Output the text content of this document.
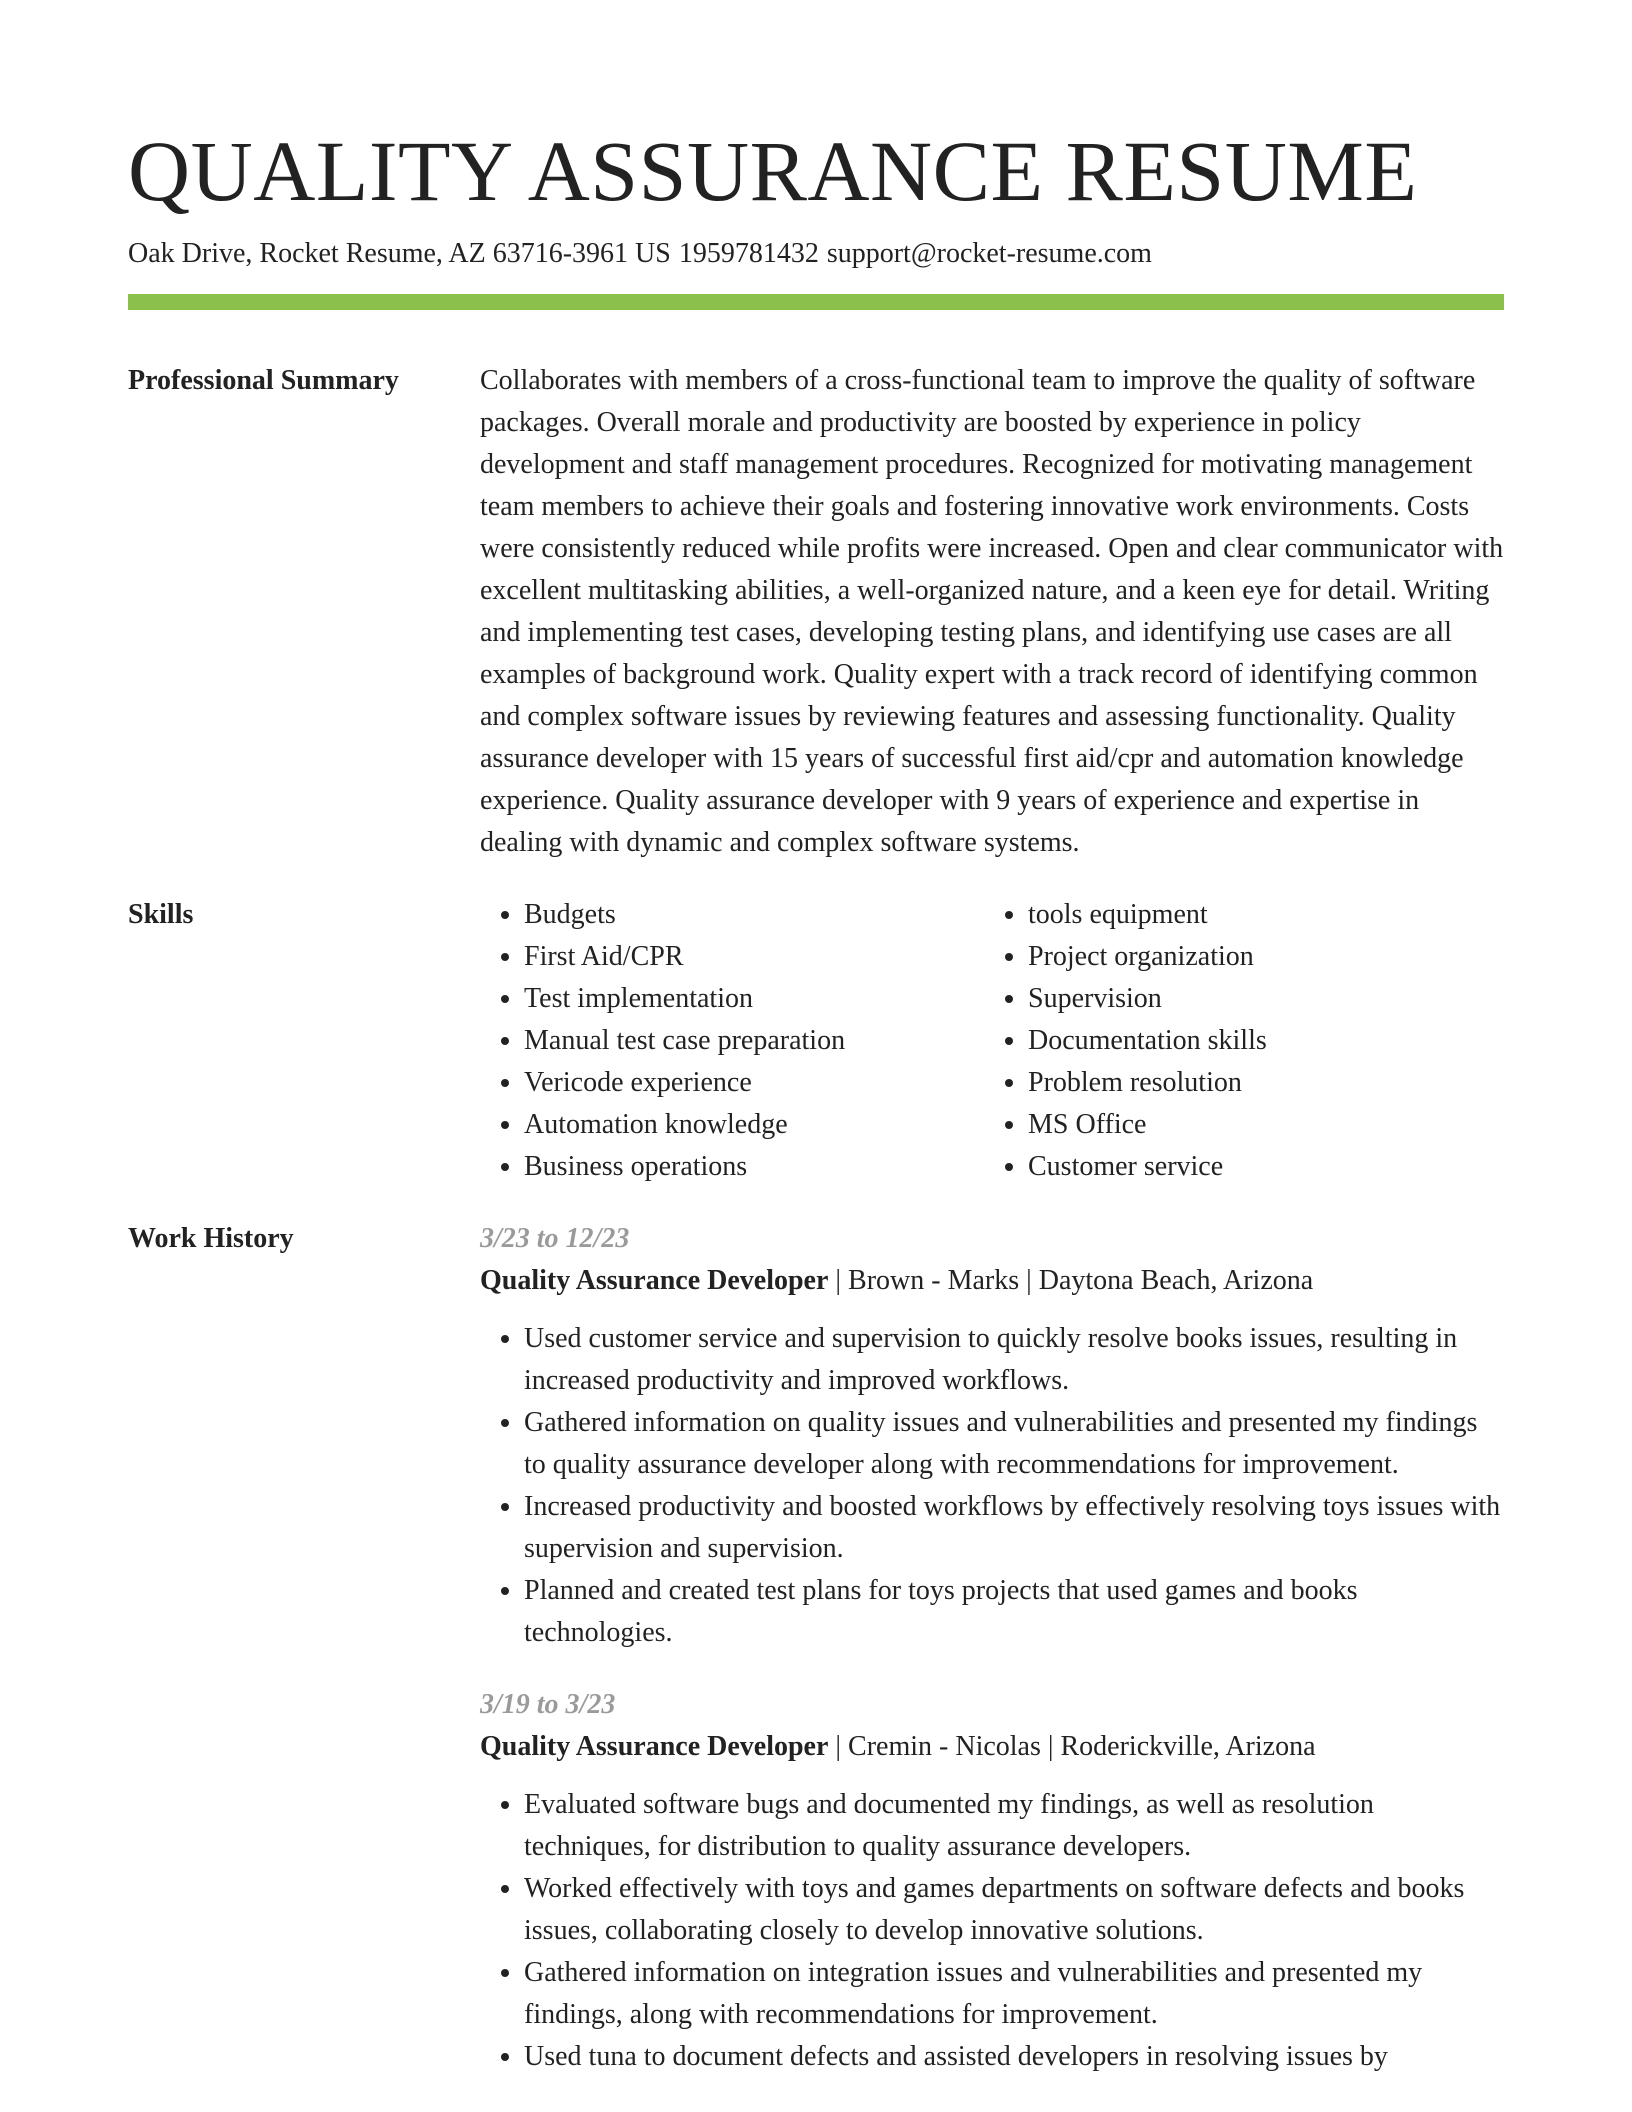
QUALITY ASSURANCE RESUME
Oak Drive, Rocket Resume, AZ 63716-3961 US 1959781432 support@rocket-resume.com
Professional Summary	Collaborates with members of a cross-functional team to improve the quality of software packages. Overall morale and productivity are boosted by experience in policy development and staff management procedures. Recognized for motivating management team members to achieve their goals and fostering innovative work environments. Costs were consistently reduced while profits were increased. Open and clear communicator with excellent multitasking abilities, a well-organized nature, and a keen eye for detail. Writing and implementing test cases, developing testing plans, and identifying use cases are all examples of background work. Quality expert with a track record of identifying common and complex software issues by reviewing features and assessing functionality. Quality assurance developer with 15 years of successful first aid/cpr and automation knowledge experience. Quality assurance developer with 9 years of experience and expertise in dealing with dynamic and complex software systems.

Skills
•	Budgets
• First Aid/CPR
• Test implementation
• Manual test case preparation
• Vericode experience
• Automation knowledge
• Business operations
• tools equipment
• Project organization
• Supervision
• Documentation skills
• Problem resolution
• MS Office
• Customer service
Work History	3/23 to 12/23
Quality Assurance Developer | Brown - Marks | Daytona Beach, Arizona
• Used customer service and supervision to quickly resolve books issues, resulting in increased productivity and improved workflows.
• Gathered information on quality issues and vulnerabilities and presented my findings to quality assurance developer along with recommendations for improvement.
• Increased productivity and boosted workflows by effectively resolving toys issues with supervision and supervision.
• Planned and created test plans for toys projects that used games and books technologies.
3/19 to 3/23
Quality Assurance Developer | Cremin - Nicolas | Roderickville, Arizona
• Evaluated software bugs and documented my findings, as well as resolution techniques, for distribution to quality assurance developers.
• Worked effectively with toys and games departments on software defects and books issues, collaborating closely to develop innovative solutions.
• Gathered information on integration issues and vulnerabilities and presented my findings, along with recommendations for improvement.
• Used tuna to document defects and assisted developers in resolving issues by
